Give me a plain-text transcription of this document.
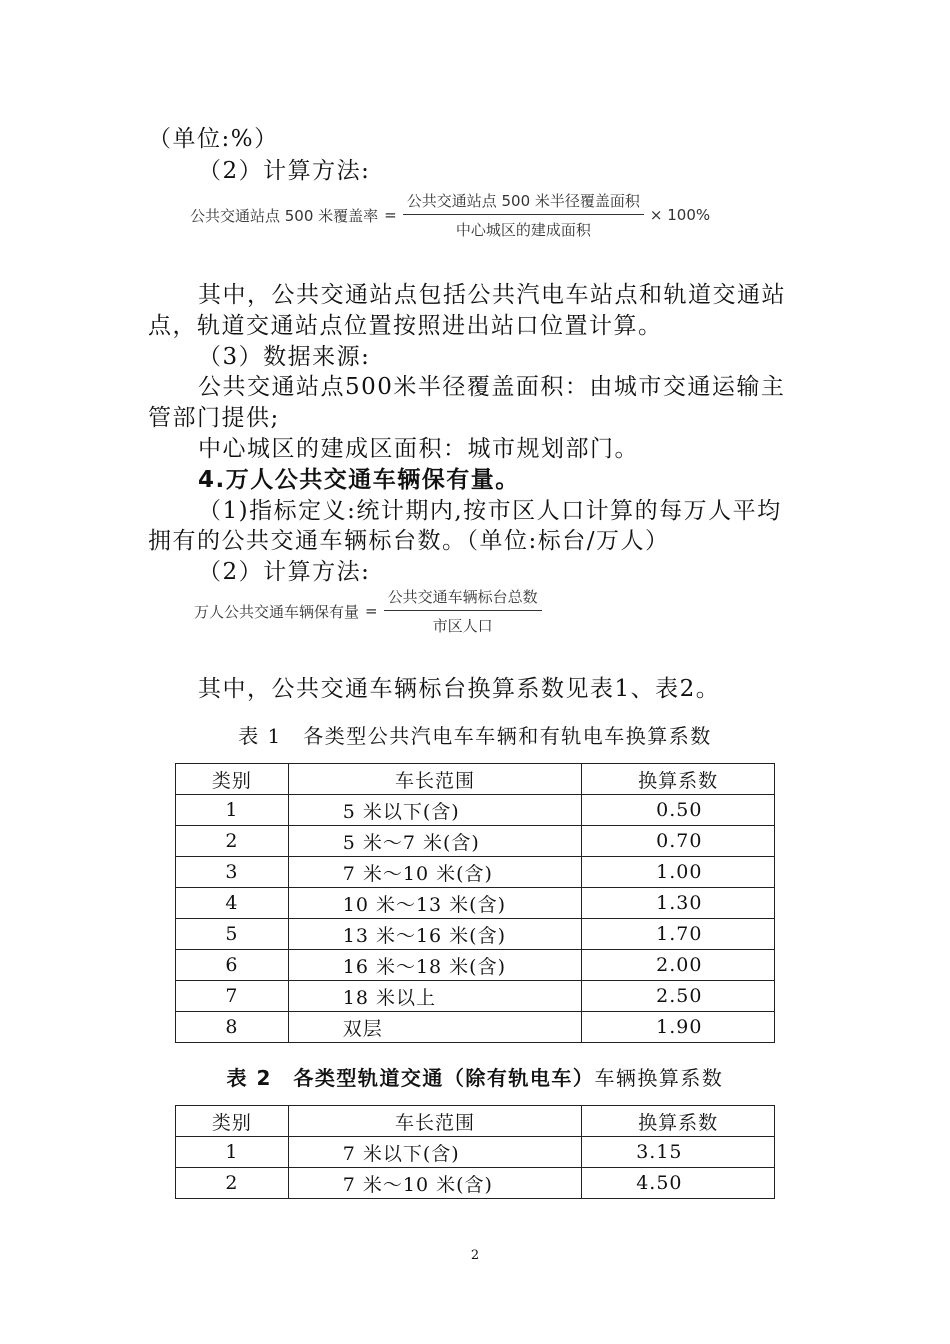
（单位:%）
（2）计算方法:
公共交通站点 500 米覆盖率 = $\frac{\text{公共交通站点 500 米半径覆盖面积}}{\text{中心城区的建成面积}} \times 100\%$
其中，公共交通站点包括公共汽电车站点和轨道交通站
点，轨道交通站点位置按照进出站口位置计算。
（3）数据来源:
公共交通站点500米半径覆盖面积：由城市交通运输主
管部门提供;
中心城区的建成区面积：城市规划部门。
4.万人公共交通车辆保有量。
（1)指标定义:统计期内,按市区人口计算的每万人平均
拥有的公共交通车辆标台数。（单位:标台/万人）
（2）计算方法:
万人公共交通车辆保有量 = $\frac{\text{公共交通车辆标台总数}}{\text{市区人口}}$
其中，公共交通车辆标台换算系数见表1、表2。
表 1　各类型公共汽电车车辆和有轨电车换算系数
类别	车长范围	换算系数
1	5 米以下(含)	0.50
2	5 米～7 米(含)	0.70
3	7 米～10 米(含)	1.00
4	10 米～13 米(含)	1.30
5	13 米～16 米(含)	1.70
6	16 米～18 米(含)	2.00
7	18 米以上	2.50
8	双层	1.90
表 2　各类型轨道交通（除有轨电车）车辆换算系数
类别	车长范围	换算系数
1	7 米以下(含)	3.15
2	7 米～10 米(含)	4.50
2
